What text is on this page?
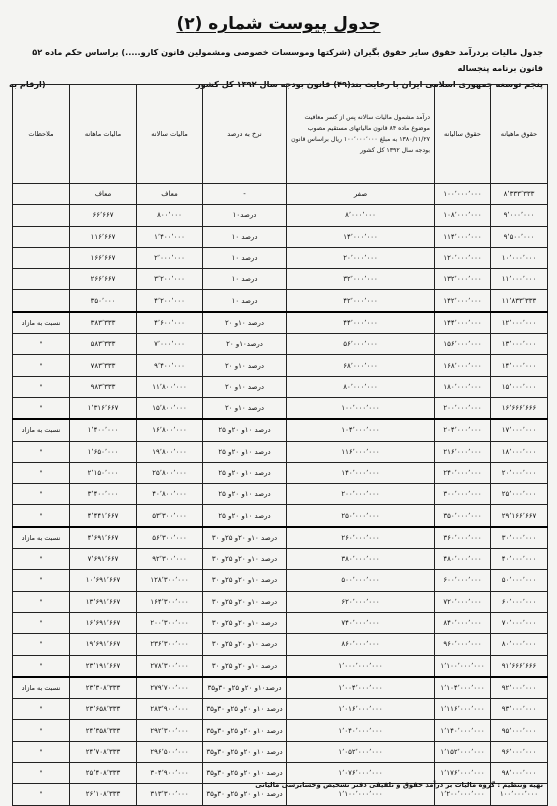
جدول پیوست شماره (۲)
جدول مالیات بردرآمد حقوق سایر حقوق بگیران (شرکتها وموسسات خصوصی ومشمولین قانون کارو.....) براساس حکم ماده ۵۲ قانون برنامه پنجساله
پنجم توسعه جمهوری اسلامی ایران با رعایت بند(۴۹) قانون بودجه سال ۱۳۹۲ کل کشور
(ارقام به
حقوق ماهیانه	حقوق سالیانه	درآمد مشمول مالیات سالانه پس از کسر معافیت موضوع ماده ۸۴ قانون مالیاتهای مستقیم مصوب ۱۳۸۰/۱۱/۲۷ به مبلغ ۱۰۰٬۰۰۰٬۰۰۰ ریال براساس قانون بودجه سال ۱۳۹۲ کل کشور	نرخ به درصد	مالیات سالانه	مالیات ماهانه	ملاحظات
۸٬۳۳۳٬۳۳۳	۱۰۰٬۰۰۰٬۰۰۰	صفر	-	معاف	معاف	
۹٬۰۰۰٬۰۰۰	۱۰۸٬۰۰۰٬۰۰۰	۸٬۰۰۰٬۰۰۰	درصد۱۰	۸۰۰٬۰۰۰	۶۶٬۶۶۷	
۹٬۵۰۰٬۰۰۰	۱۱۴٬۰۰۰٬۰۰۰	۱۴٬۰۰۰٬۰۰۰	درصد ۱۰	۱٬۴۰۰٬۰۰۰	۱۱۶٬۶۶۷	
۱۰٬۰۰۰٬۰۰۰	۱۲۰٬۰۰۰٬۰۰۰	۲۰٬۰۰۰٬۰۰۰	درصد ۱۰	۲٬۰۰۰٬۰۰۰	۱۶۶٬۶۶۷	
۱۱٬۰۰۰٬۰۰۰	۱۳۲٬۰۰۰٬۰۰۰	۳۲٬۰۰۰٬۰۰۰	درصد ۱۰	۳٬۲۰۰٬۰۰۰	۲۶۶٬۶۶۷	
۱۱٬۸۳۳٬۳۳۳	۱۴۲٬۰۰۰٬۰۰۰	۴۲٬۰۰۰٬۰۰۰	درصد ۱۰	۴٬۲۰۰٬۰۰۰	۳۵۰٬۰۰۰	
۱۲٬۰۰۰٬۰۰۰	۱۴۴٬۰۰۰٬۰۰۰	۴۴٬۰۰۰٬۰۰۰	درصد ۱۰و ۲۰	۴٬۶۰۰٬۰۰۰	۳۸۳٬۳۳۳	نسبت به مازاد
۱۳٬۰۰۰٬۰۰۰	۱۵۶٬۰۰۰٬۰۰۰	۵۶٬۰۰۰٬۰۰۰	درصد۱۰و ۲۰	۷٬۰۰۰٬۰۰۰	۵۸۳٬۳۳۳	"
۱۴٬۰۰۰٬۰۰۰	۱۶۸٬۰۰۰٬۰۰۰	۶۸٬۰۰۰٬۰۰۰	درصد ۱۰و ۲۰	۹٬۴۰۰٬۰۰۰	۷۸۳٬۳۳۳	"
۱۵٬۰۰۰٬۰۰۰	۱۸۰٬۰۰۰٬۰۰۰	۸۰٬۰۰۰٬۰۰۰	درصد ۱۰و ۲۰	۱۱٬۸۰۰٬۰۰۰	۹۸۳٬۳۳۳	"
۱۶٬۶۶۶٬۶۶۶	۲۰۰٬۰۰۰٬۰۰۰	۱۰۰٬۰۰۰٬۰۰۰	درصد ۱۰و ۲۰	۱۵٬۸۰۰٬۰۰۰	۱٬۳۱۶٬۶۶۷	"
۱۷٬۰۰۰٬۰۰۰	۲۰۴٬۰۰۰٬۰۰۰	۱۰۴٬۰۰۰٬۰۰۰	درصد ۱۰و ۲۰و ۲۵	۱۶٬۸۰۰٬۰۰۰	۱٬۴۰۰٬۰۰۰	نسبت به مازاد
۱۸٬۰۰۰٬۰۰۰	۲۱۶٬۰۰۰٬۰۰۰	۱۱۶٬۰۰۰٬۰۰۰	درصد ۱۰و ۲۰و ۲۵	۱۹٬۸۰۰٬۰۰۰	۱٬۶۵۰٬۰۰۰	"
۲۰٬۰۰۰٬۰۰۰	۲۴۰٬۰۰۰٬۰۰۰	۱۴۰٬۰۰۰٬۰۰۰	درصد ۱۰و ۲۰و ۲۵	۲۵٬۸۰۰٬۰۰۰	۲٬۱۵۰٬۰۰۰	"
۲۵٬۰۰۰٬۰۰۰	۳۰۰٬۰۰۰٬۰۰۰	۲۰۰٬۰۰۰٬۰۰۰	درصد ۱۰و ۲۰و ۲۵	۴۰٬۸۰۰٬۰۰۰	۳٬۴۰۰٬۰۰۰	"
۲۹٬۱۶۶٬۶۶۷	۳۵۰٬۰۰۰٬۰۰۰	۲۵۰٬۰۰۰٬۰۰۰	درصد ۱۰و ۲۰و ۲۵	۵۳٬۳۰۰٬۰۰۰	۴٬۴۴۱٬۶۶۷	"
۳۰٬۰۰۰٬۰۰۰	۳۶۰٬۰۰۰٬۰۰۰	۲۶۰٬۰۰۰٬۰۰۰	درصد ۱۰و ۲۰و ۲۵و ۳۰	۵۶٬۳۰۰٬۰۰۰	۴٬۶۹۱٬۶۶۷	نسبت به مازاد
۴۰٬۰۰۰٬۰۰۰	۴۸۰٬۰۰۰٬۰۰۰	۳۸۰٬۰۰۰٬۰۰۰	درصد ۱۰و ۲۰و ۲۵و ۳۰	۹۲٬۳۰۰٬۰۰۰	۷٬۶۹۱٬۶۶۷	"
۵۰٬۰۰۰٬۰۰۰	۶۰۰٬۰۰۰٬۰۰۰	۵۰۰٬۰۰۰٬۰۰۰	درصد ۱۰و ۲۰و ۲۵و ۳۰	۱۲۸٬۳۰۰٬۰۰۰	۱۰٬۶۹۱٬۶۶۷	"
۶۰٬۰۰۰٬۰۰۰	۷۲۰٬۰۰۰٬۰۰۰	۶۲۰٬۰۰۰٬۰۰۰	درصد ۱۰و ۲۰و ۲۵و ۳۰	۱۶۴٬۳۰۰٬۰۰۰	۱۳٬۶۹۱٬۶۶۷	"
۷۰٬۰۰۰٬۰۰۰	۸۴۰٬۰۰۰٬۰۰۰	۷۴۰٬۰۰۰٬۰۰۰	درصد ۱۰و ۲۰و ۲۵و ۳۰	۲۰۰٬۳۰۰٬۰۰۰	۱۶٬۶۹۱٬۶۶۷	"
۸۰٬۰۰۰٬۰۰۰	۹۶۰٬۰۰۰٬۰۰۰	۸۶۰٬۰۰۰٬۰۰۰	درصد ۱۰و ۲۰و ۲۵و ۳۰	۲۳۶٬۳۰۰٬۰۰۰	۱۹٬۶۹۱٬۶۶۷	"
۹۱٬۶۶۶٬۶۶۶	۱٬۱۰۰٬۰۰۰٬۰۰۰	۱٬۰۰۰٬۰۰۰٬۰۰۰	درصد ۱۰و ۲۰و ۲۵و ۳۰	۲۷۸٬۳۰۰٬۰۰۰	۲۳٬۱۹۱٬۶۶۷	"
۹۲٬۰۰۰٬۰۰۰	۱٬۱۰۴٬۰۰۰٬۰۰۰	۱٬۰۰۴٬۰۰۰٬۰۰۰	درصد۱۰و ۲۰و ۲۵و ۳۰و۳۵	۲۷۹٬۷۰۰٬۰۰۰	۲۳٬۳۰۸٬۳۳۳	نسبت به مازاد
۹۳٬۰۰۰٬۰۰۰	۱٬۱۱۶٬۰۰۰٬۰۰۰	۱٬۰۱۶٬۰۰۰٬۰۰۰	درصد ۱۰و ۲۰و ۲۵و ۳۰و۳۵	۲۸۳٬۹۰۰٬۰۰۰	۲۳٬۶۵۸٬۳۳۳	"
۹۵٬۰۰۰٬۰۰۰	۱٬۱۴۰٬۰۰۰٬۰۰۰	۱٬۰۴۰٬۰۰۰٬۰۰۰	درصد ۱۰و ۲۰و ۲۵و ۳۰و۳۵	۲۹۲٬۳۰۰٬۰۰۰	۲۴٬۳۵۸٬۳۳۳	"
۹۶٬۰۰۰٬۰۰۰	۱٬۱۵۲٬۰۰۰٬۰۰۰	۱٬۰۵۲٬۰۰۰٬۰۰۰	درصد ۱۰و ۲۰و ۲۵و ۳۰و۳۵	۲۹۶٬۵۰۰٬۰۰۰	۲۴٬۷۰۸٬۳۳۳	"
۹۸٬۰۰۰٬۰۰۰	۱٬۱۷۶٬۰۰۰٬۰۰۰	۱٬۰۷۶٬۰۰۰٬۰۰۰	درصد ۱۰و ۲۰و ۲۵و ۳۰و۳۵	۳۰۴٬۹۰۰٬۰۰۰	۲۵٬۴۰۸٬۳۳۳	"
۱۰۰٬۰۰۰٬۰۰۰	۱٬۲۰۰٬۰۰۰٬۰۰۰	۱٬۱۰۰٬۰۰۰٬۰۰۰	درصد ۱۰و ۲۰و ۲۵و ۳۰و۳۵	۳۱۳٬۳۰۰٬۰۰۰	۲۶٬۱۰۸٬۳۳۳	"
تهیه وتنظیم : گروه مالیات بر درآمد حقوق و تلفیقی دفتر تشخیص وحسابرسی مالیاتی
